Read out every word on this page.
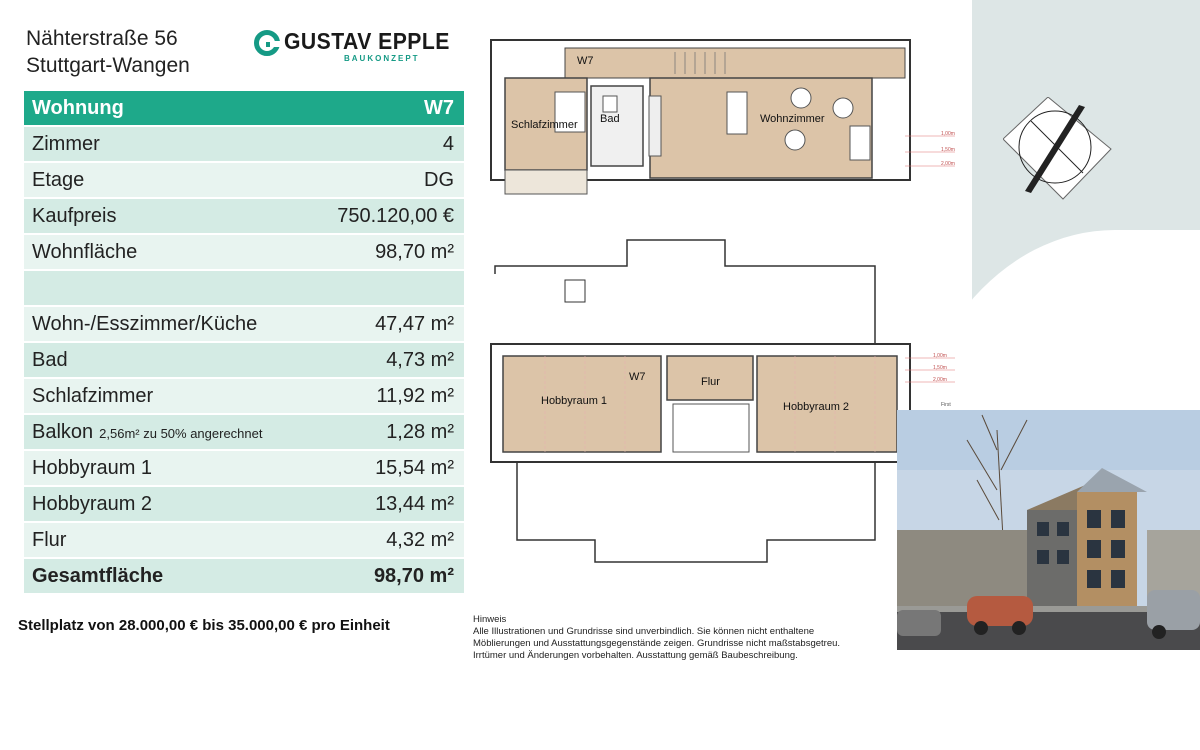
Nähterstraße 56
Stuttgart-Wangen
GUSTAV EPPLE
BAUKONZEPT
Wohnung	W7
Zimmer	4
Etage	DG
Kaufpreis	750.120,00 €
Wohnfläche	98,70 m²
Wohn-/Esszimmer/Küche	47,47 m²
Bad	4,73 m²
Schlafzimmer	11,92 m²
Balkon 2,56m² zu 50% angerechnet	1,28 m²
Hobbyraum 1	15,54 m²
Hobbyraum 2	13,44 m²
Flur	4,32 m²
Gesamtfläche	98,70 m²
Stellplatz von 28.000,00 € bis 35.000,00 € pro Einheit	Hinweis
Alle Illustrationen und Grundrisse sind unverbindlich. Sie können nicht enthaltene
Möblierungen und Ausstattungsgegenstände zeigen. Grundrisse nicht maßstabsgetreu.
Irrtümer und Änderungen vorbehalten. Ausstattung gemäß Baubeschreibung.
W7
Schlafzimmer Bad	Wohnzimmer
1,00m
1,50m
2,00m
W7
Hobbyraum 1
Flur
Hobbyraum 2
1,00m
1,50m
2,00m
First
